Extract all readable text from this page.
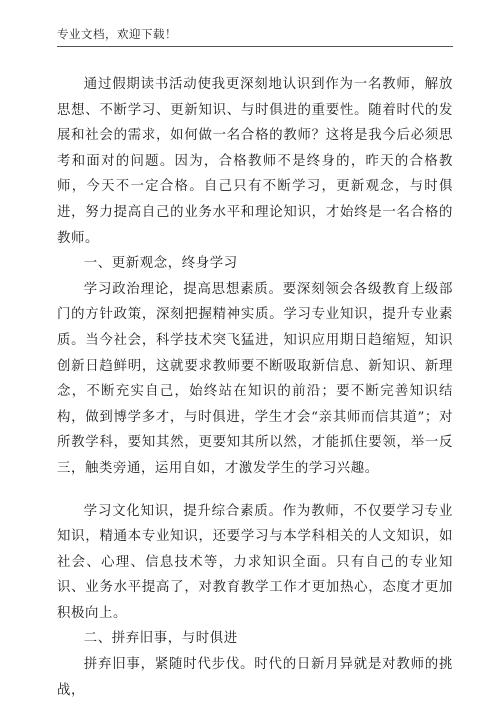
专业文档，欢迎下载！

通过假期读书活动使我更深刻地认识到作为一名教师，解放思想、不断学习、更新知识、与时俱进的重要性。随着时代的发展和社会的需求，如何做一名合格的教师？这将是我今后必须思考和面对的问题。因为，合格教师不是终身的，昨天的合格教师，今天不一定合格。自己只有不断学习，更新观念，与时俱进，努力提高自己的业务水平和理论知识，才始终是一名合格的教师。

一、更新观念，终身学习

学习政治理论，提高思想素质。要深刻领会各级教育上级部门的方针政策，深刻把握精神实质。学习专业知识，提升专业素质。当今社会，科学技术突飞猛进，知识应用期日趋缩短，知识创新日趋鲜明，这就要求教师要不断吸取新信息、新知识、新理念，不断充实自己，始终站在知识的前沿；要不断完善知识结构，做到博学多才，与时俱进，学生才会“亲其师而信其道”；对所教学科，要知其然，更要知其所以然，才能抓住要领，举一反三，触类旁通，运用自如，才激发学生的学习兴趣。

学习文化知识，提升综合素质。作为教师，不仅要学习专业知识，精通本专业知识，还要学习与本学科相关的人文知识，如社会、心理、信息技术等，力求知识全面。只有自己的专业知识、业务水平提高了，对教育教学工作才更加热心，态度才更加积极向上。

二、拼弃旧事，与时俱进

拼弃旧事，紧随时代步伐。时代的日新月异就是对教师的挑战，
